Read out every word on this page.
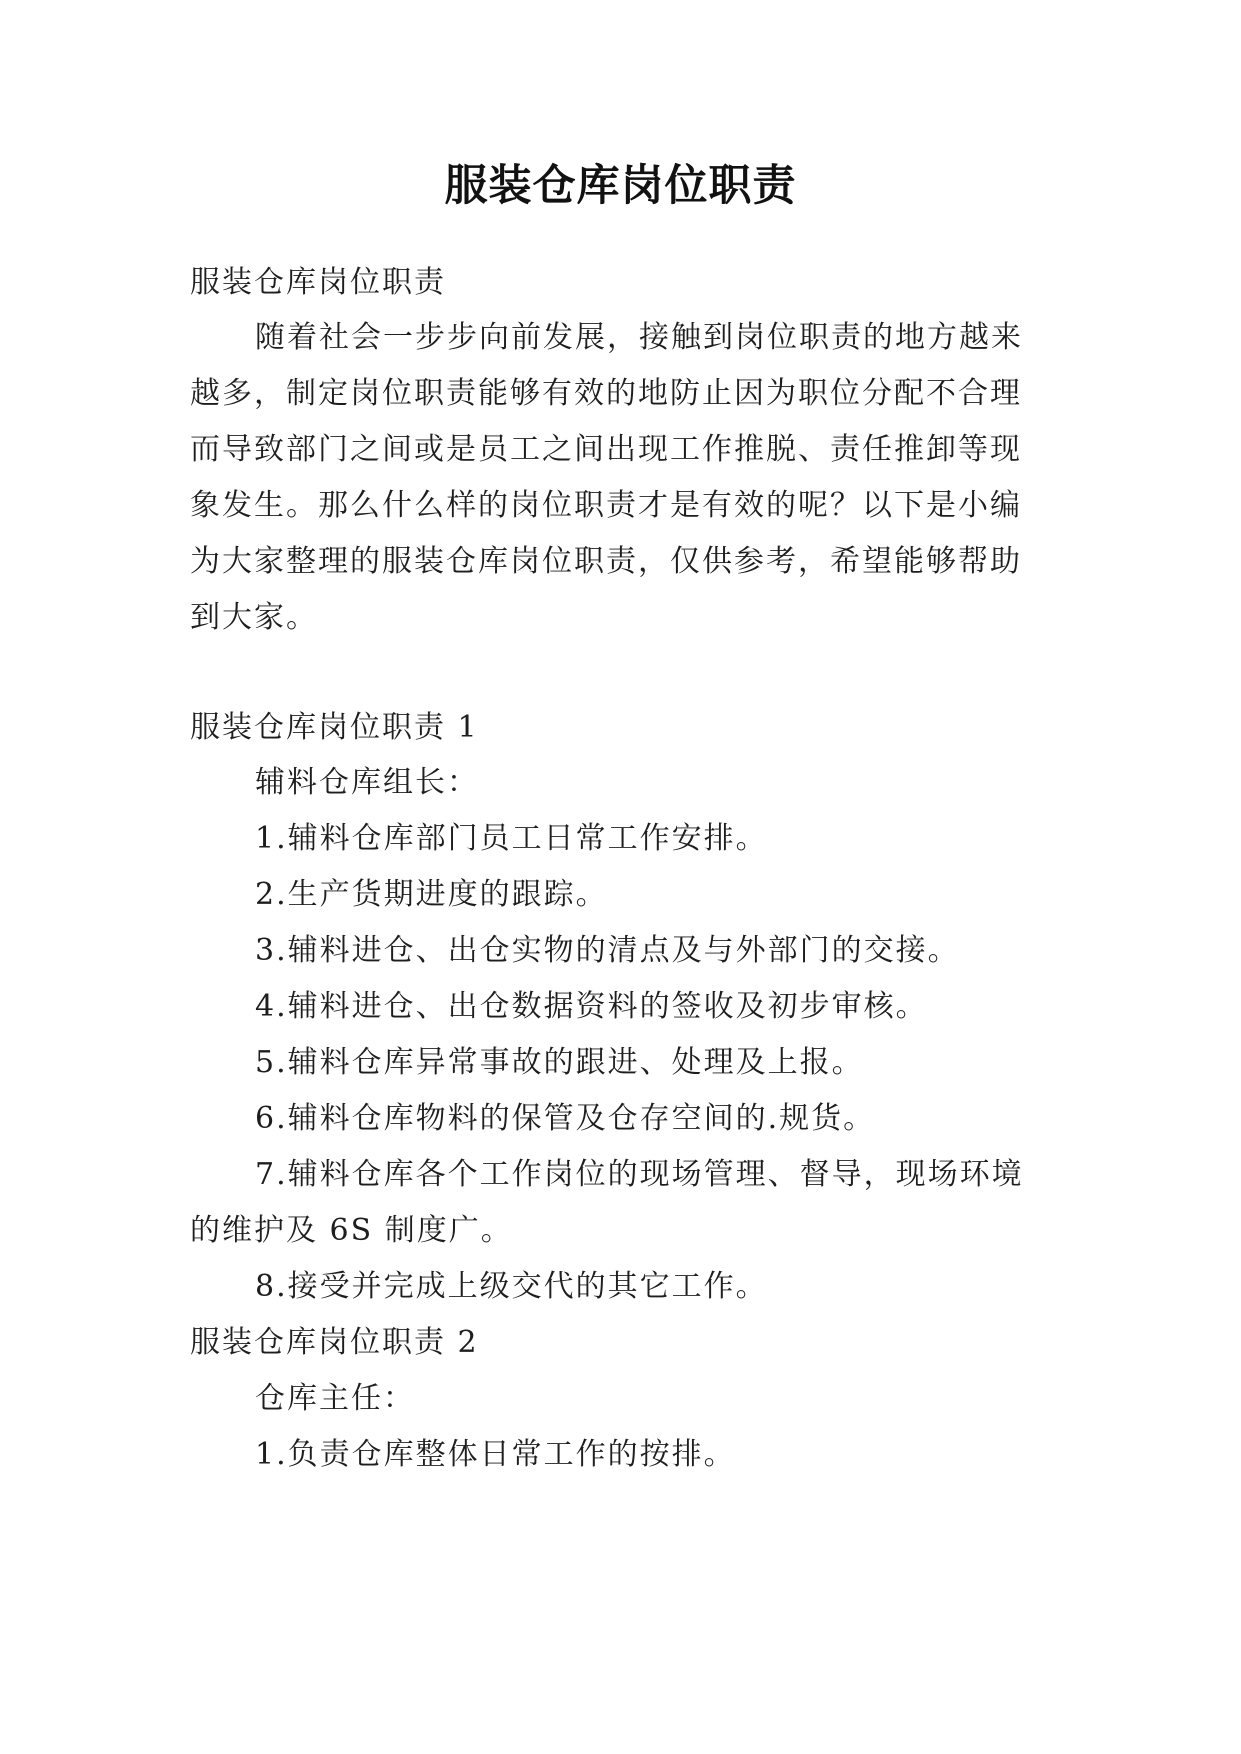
服装仓库岗位职责
服装仓库岗位职责
随着社会一步步向前发展，接触到岗位职责的地方越来
越多，制定岗位职责能够有效的地防止因为职位分配不合理
而导致部门之间或是员工之间出现工作推脱、责任推卸等现
象发生。那么什么样的岗位职责才是有效的呢？以下是小编
为大家整理的服装仓库岗位职责，仅供参考，希望能够帮助
到大家。
服装仓库岗位职责 1
辅料仓库组长：
1.辅料仓库部门员工日常工作安排。
2.生产货期进度的跟踪。
3.辅料进仓、出仓实物的清点及与外部门的交接。
4.辅料进仓、出仓数据资料的签收及初步审核。
5.辅料仓库异常事故的跟进、处理及上报。
6.辅料仓库物料的保管及仓存空间的.规货。
7.辅料仓库各个工作岗位的现场管理、督导，现场环境
的维护及 6S 制度广。
8.接受并完成上级交代的其它工作。
服装仓库岗位职责 2
仓库主任：
1.负责仓库整体日常工作的按排。
